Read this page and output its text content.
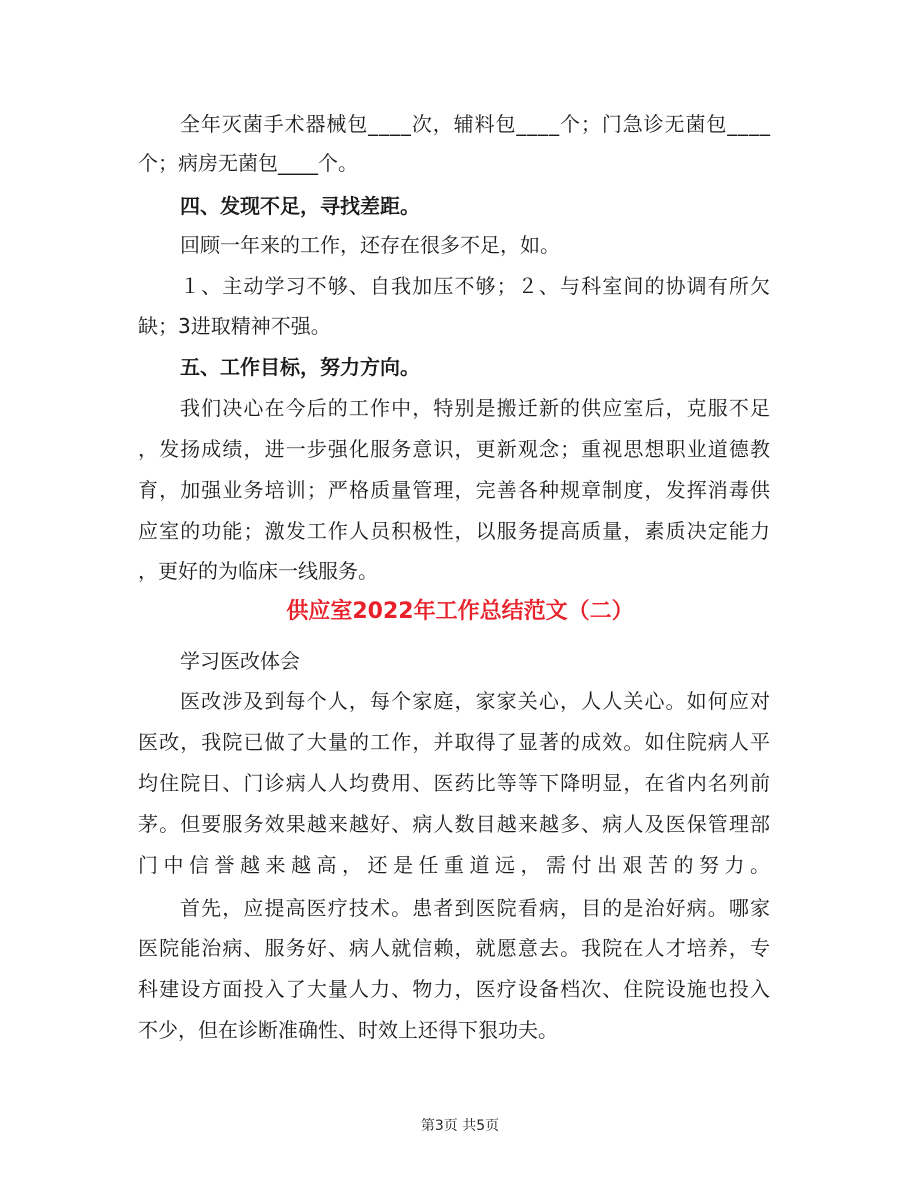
全年灭菌手术器械包____次，辅料包____个；门急诊无菌包____
个；病房无菌包____个。
四、发现不足，寻找差距。
回顾一年来的工作，还存在很多不足，如。
１、主动学习不够、自我加压不够；２、与科室间的协调有所欠
缺；3进取精神不强。
五、工作目标，努力方向。
我们决心在今后的工作中，特别是搬迁新的供应室后，克服不足
，发扬成绩，进一步强化服务意识，更新观念；重视思想职业道德教
育，加强业务培训；严格质量管理，完善各种规章制度，发挥消毒供
应室的功能；激发工作人员积极性，以服务提高质量，素质决定能力
，更好的为临床一线服务。
供应室2022年工作总结范文（二）
学习医改体会
医改涉及到每个人，每个家庭，家家关心，人人关心。如何应对
医改，我院已做了大量的工作，并取得了显著的成效。如住院病人平
均住院日、门诊病人人均费用、医药比等等下降明显，在省内名列前
茅。但要服务效果越来越好、病人数目越来越多、病人及医保管理部
门中信誉越来越高，还是任重道远，需付出艰苦的努力。
首先，应提高医疗技术。患者到医院看病，目的是治好病。哪家
医院能治病、服务好、病人就信赖，就愿意去。我院在人才培养，专
科建设方面投入了大量人力、物力，医疗设备档次、住院设施也投入
不少，但在诊断准确性、时效上还得下狠功夫。
第3页 共5页
